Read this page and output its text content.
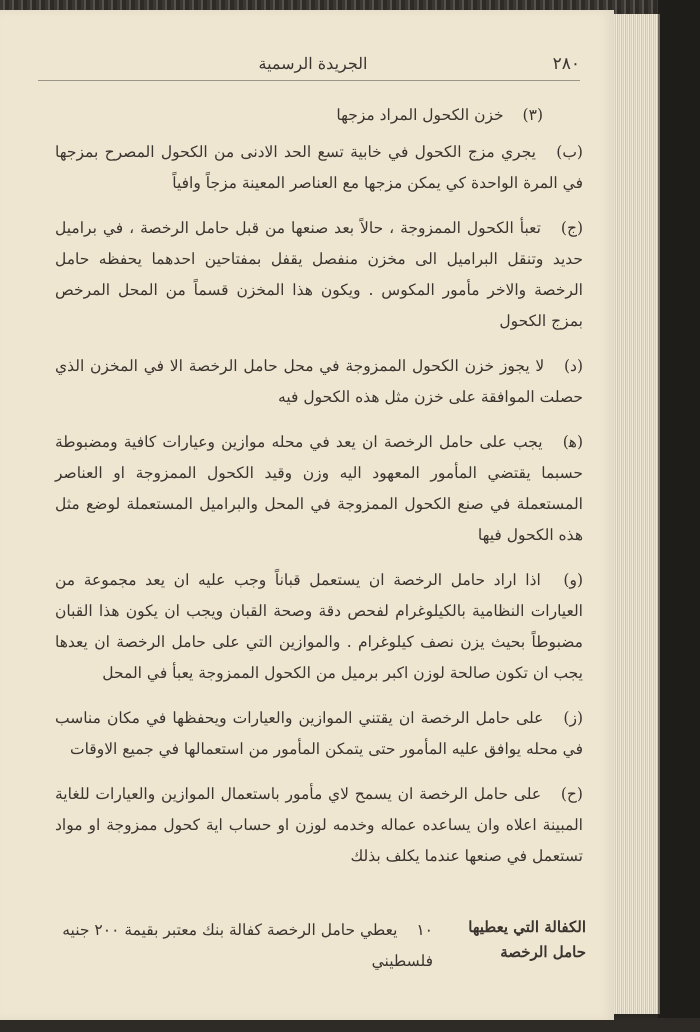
٢٨٠
الجريدة الرسمية

(٣) خزن الكحول المراد مزجها

(ب) يجري مزج الكحول في خابية تسع الحد الادنى من الكحول المصرح بمزجها في المرة الواحدة كي يمكن مزجها مع العناصر المعينة مزجاً وافياً

(ج) تعبأ الكحول الممزوجة ، حالاً بعد صنعها من قبل حامل الرخصة ، في براميل حديد وتنقل البراميل الى مخزن منفصل يقفل بمفتاحين احدهما يحفظه حامل الرخصة والاخر مأمور المكوس . ويكون هذا المخزن قسماً من المحل المرخص بمزج الكحول

(د) لا يجوز خزن الكحول الممزوجة في محل حامل الرخصة الا في المخزن الذي حصلت الموافقة على خزن مثل هذه الكحول فيه

(ﻫ) يجب على حامل الرخصة ان يعد في محله موازين وعيارات كافية ومضبوطة حسبما يقتضي المأمور المعهود اليه وزن وقيد الكحول الممزوجة او العناصر المستعملة في صنع الكحول الممزوجة في المحل والبراميل المستعملة لوضع مثل هذه الكحول فيها

(و) اذا اراد حامل الرخصة ان يستعمل قباناً وجب عليه ان يعد مجموعة من العيارات النظامية بالكيلوغرام لفحص دقة وصحة القبان ويجب ان يكون هذا القبان مضبوطاً بحيث يزن نصف كيلوغرام . والموازين التي على حامل الرخصة ان يعدها يجب ان تكون صالحة لوزن اكبر برميل من الكحول الممزوجة يعبأ في المحل

(ز) على حامل الرخصة ان يقتني الموازين والعيارات ويحفظها في مكان مناسب في محله يوافق عليه المأمور حتى يتمكن المأمور من استعمالها في جميع الاوقات

(ح) على حامل الرخصة ان يسمح لاي مأمور باستعمال الموازين والعيارات للغاية المبينة اعلاه وان يساعده عماله وخدمه لوزن او حساب اية كحول ممزوجة او مواد تستعمل في صنعها عندما يكلف بذلك

الكفالة التي يعطيها
حامل الرخصة
١٠ يعطي حامل الرخصة كفالة بنك معتبر بقيمة ٢٠٠ جنيه
فلسطيني
